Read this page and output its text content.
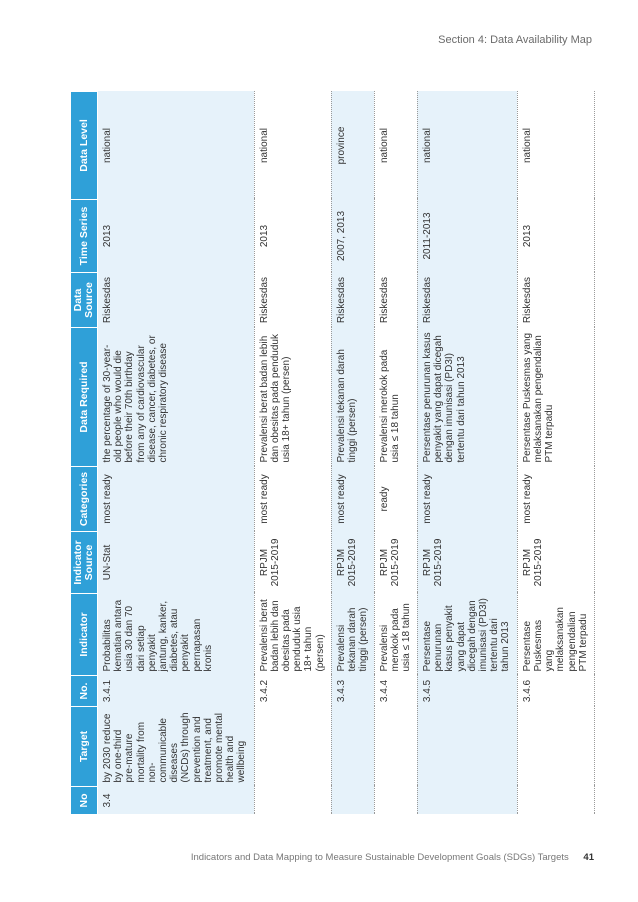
Section 4: Data Availability Map
No	Target	No.	Indicator	Indicator Source	Categories	Data Required	Data Source	Time Series	Data Level
3.4	by 2030 reduce by one-third pre-mature mortality from non-communicable diseases (NCDs) through prevention and treatment, and promote mental health and wellbeing	3.4.1	Probabilitas kematian antara usia 30 dan 70 dari setiap penyakit jantung, kanker, diabetes, atau penyakit pernapasan kronis	UN-Stat	most ready	the percentage of 30-year-old people who would die before their 70th birthday from any of cardiovascular disease, cancer, diabetes, or chronic respiratory disease	Riskesdas	2013	national
		3.4.2	Prevalensi berat badan lebih dan obesitas pada penduduk usia 18+ tahun (persen)	RPJM 2015-2019	most ready	Prevalensi berat badan lebih dan obesitas pada penduduk usia 18+ tahun (persen)	Riskesdas	2013	national
		3.4.3	Prevalensi tekanan darah tinggi (persen)	RPJM 2015-2019	most ready	Prevalensi tekanan darah tinggi (persen)	Riskesdas	2007, 2013	province
		3.4.4	Prevalensi merokok pada usia ≤ 18 tahun	RPJM 2015-2019	ready	Prevalensi merokok pada usia ≤ 18 tahun	Riskesdas		national
		3.4.5	Persentase penurunan kasus penyakit yang dapat dicegah dengan imunisasi (PD3I) tertentu dari tahun 2013	RPJM 2015-2019	most ready	Persentase penurunan kasus penyakit yang dapat dicegah dengan imunisasi (PD3I) tertentu dari tahun 2013	Riskesdas	2011-2013	national
		3.4.6	Persentase Puskesmas yang melaksanakan pengendalian PTM terpadu	RPJM 2015-2019	most ready	Persentase Puskesmas yang melaksanakan pengendalian PTM terpadu	Riskesdas	2013	national
Indicators and Data Mapping to Measure Sustainable Development Goals (SDGs) Targets 41
